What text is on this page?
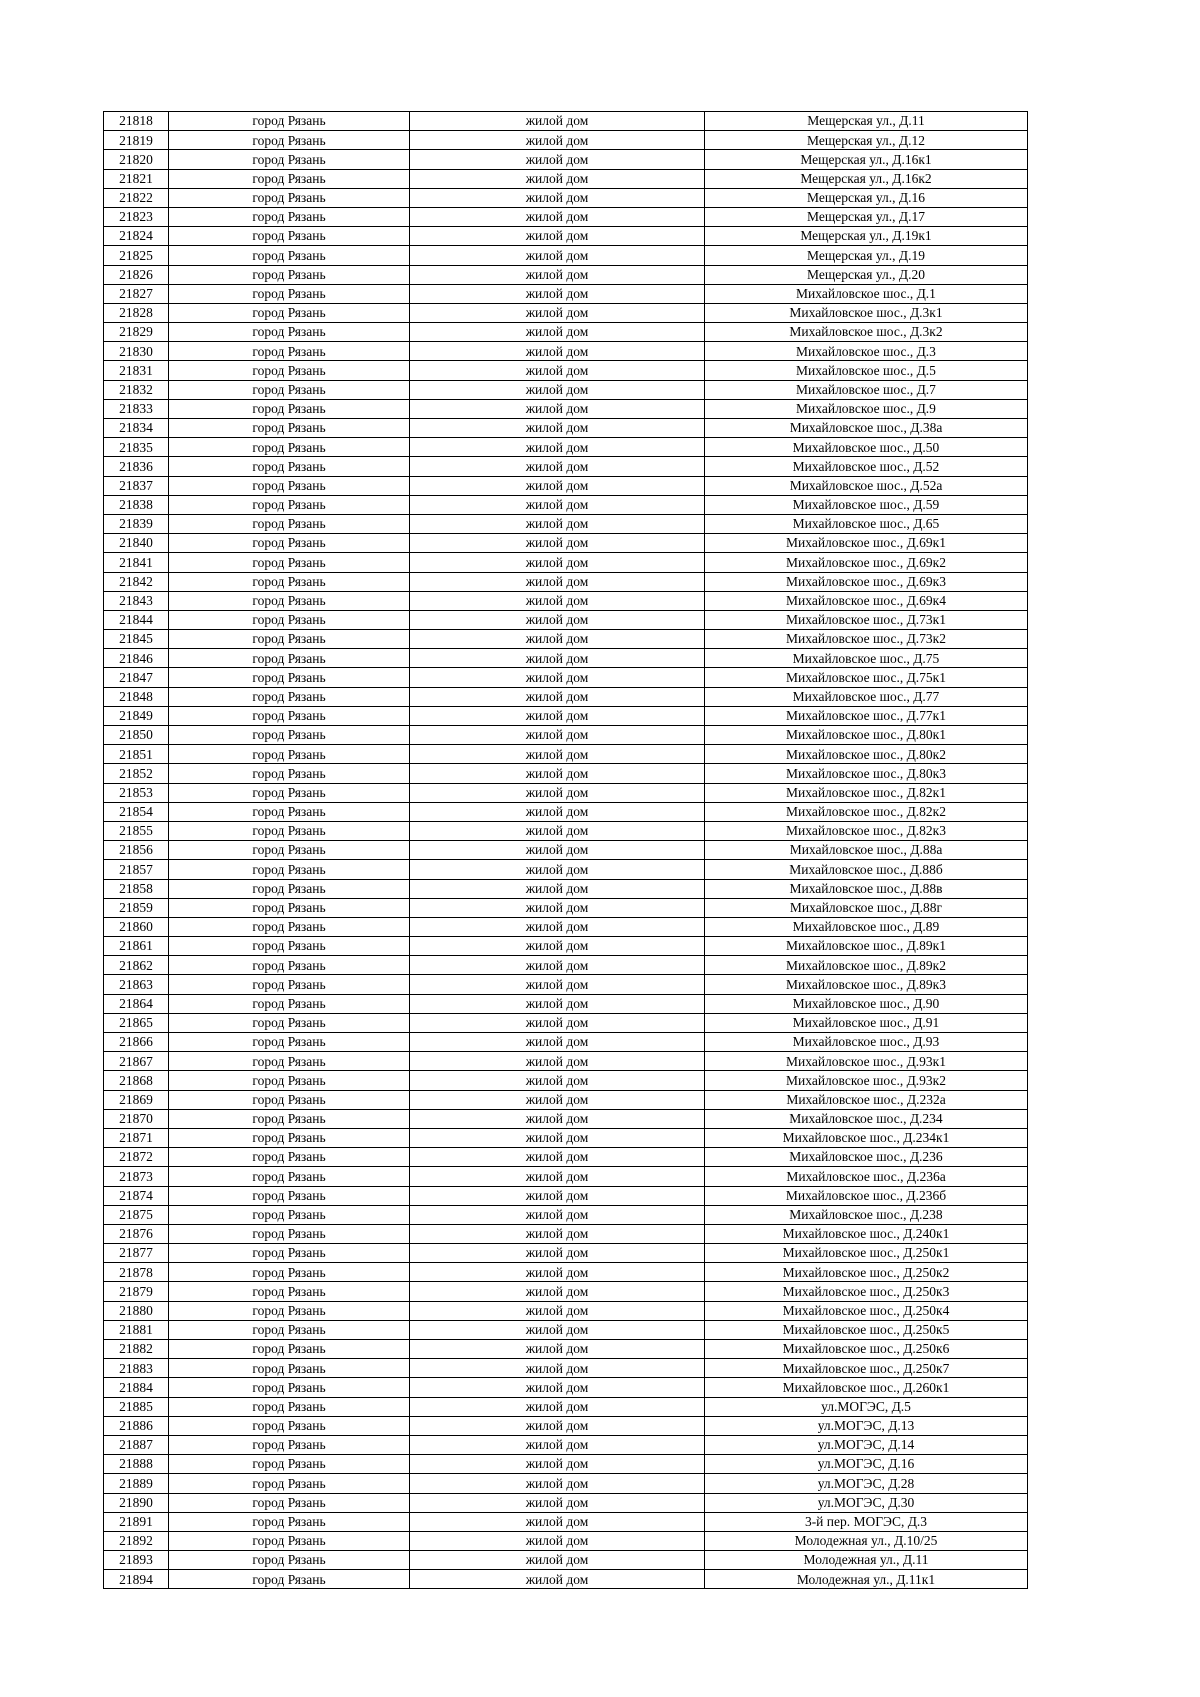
21818	город Рязань	жилой дом	Мещерская ул., Д.11
21819	город Рязань	жилой дом	Мещерская ул., Д.12
21820	город Рязань	жилой дом	Мещерская ул., Д.16к1
21821	город Рязань	жилой дом	Мещерская ул., Д.16к2
21822	город Рязань	жилой дом	Мещерская ул., Д.16
21823	город Рязань	жилой дом	Мещерская ул., Д.17
21824	город Рязань	жилой дом	Мещерская ул., Д.19к1
21825	город Рязань	жилой дом	Мещерская ул., Д.19
21826	город Рязань	жилой дом	Мещерская ул., Д.20
21827	город Рязань	жилой дом	Михайловское шос., Д.1
21828	город Рязань	жилой дом	Михайловское шос., Д.3к1
21829	город Рязань	жилой дом	Михайловское шос., Д.3к2
21830	город Рязань	жилой дом	Михайловское шос., Д.3
21831	город Рязань	жилой дом	Михайловское шос., Д.5
21832	город Рязань	жилой дом	Михайловское шос., Д.7
21833	город Рязань	жилой дом	Михайловское шос., Д.9
21834	город Рязань	жилой дом	Михайловское шос., Д.38а
21835	город Рязань	жилой дом	Михайловское шос., Д.50
21836	город Рязань	жилой дом	Михайловское шос., Д.52
21837	город Рязань	жилой дом	Михайловское шос., Д.52а
21838	город Рязань	жилой дом	Михайловское шос., Д.59
21839	город Рязань	жилой дом	Михайловское шос., Д.65
21840	город Рязань	жилой дом	Михайловское шос., Д.69к1
21841	город Рязань	жилой дом	Михайловское шос., Д.69к2
21842	город Рязань	жилой дом	Михайловское шос., Д.69к3
21843	город Рязань	жилой дом	Михайловское шос., Д.69к4
21844	город Рязань	жилой дом	Михайловское шос., Д.73к1
21845	город Рязань	жилой дом	Михайловское шос., Д.73к2
21846	город Рязань	жилой дом	Михайловское шос., Д.75
21847	город Рязань	жилой дом	Михайловское шос., Д.75к1
21848	город Рязань	жилой дом	Михайловское шос., Д.77
21849	город Рязань	жилой дом	Михайловское шос., Д.77к1
21850	город Рязань	жилой дом	Михайловское шос., Д.80к1
21851	город Рязань	жилой дом	Михайловское шос., Д.80к2
21852	город Рязань	жилой дом	Михайловское шос., Д.80к3
21853	город Рязань	жилой дом	Михайловское шос., Д.82к1
21854	город Рязань	жилой дом	Михайловское шос., Д.82к2
21855	город Рязань	жилой дом	Михайловское шос., Д.82к3
21856	город Рязань	жилой дом	Михайловское шос., Д.88а
21857	город Рязань	жилой дом	Михайловское шос., Д.88б
21858	город Рязань	жилой дом	Михайловское шос., Д.88в
21859	город Рязань	жилой дом	Михайловское шос., Д.88г
21860	город Рязань	жилой дом	Михайловское шос., Д.89
21861	город Рязань	жилой дом	Михайловское шос., Д.89к1
21862	город Рязань	жилой дом	Михайловское шос., Д.89к2
21863	город Рязань	жилой дом	Михайловское шос., Д.89к3
21864	город Рязань	жилой дом	Михайловское шос., Д.90
21865	город Рязань	жилой дом	Михайловское шос., Д.91
21866	город Рязань	жилой дом	Михайловское шос., Д.93
21867	город Рязань	жилой дом	Михайловское шос., Д.93к1
21868	город Рязань	жилой дом	Михайловское шос., Д.93к2
21869	город Рязань	жилой дом	Михайловское шос., Д.232а
21870	город Рязань	жилой дом	Михайловское шос., Д.234
21871	город Рязань	жилой дом	Михайловское шос., Д.234к1
21872	город Рязань	жилой дом	Михайловское шос., Д.236
21873	город Рязань	жилой дом	Михайловское шос., Д.236а
21874	город Рязань	жилой дом	Михайловское шос., Д.236б
21875	город Рязань	жилой дом	Михайловское шос., Д.238
21876	город Рязань	жилой дом	Михайловское шос., Д.240к1
21877	город Рязань	жилой дом	Михайловское шос., Д.250к1
21878	город Рязань	жилой дом	Михайловское шос., Д.250к2
21879	город Рязань	жилой дом	Михайловское шос., Д.250к3
21880	город Рязань	жилой дом	Михайловское шос., Д.250к4
21881	город Рязань	жилой дом	Михайловское шос., Д.250к5
21882	город Рязань	жилой дом	Михайловское шос., Д.250к6
21883	город Рязань	жилой дом	Михайловское шос., Д.250к7
21884	город Рязань	жилой дом	Михайловское шос., Д.260к1
21885	город Рязань	жилой дом	ул.МОГЭС, Д.5
21886	город Рязань	жилой дом	ул.МОГЭС, Д.13
21887	город Рязань	жилой дом	ул.МОГЭС, Д.14
21888	город Рязань	жилой дом	ул.МОГЭС, Д.16
21889	город Рязань	жилой дом	ул.МОГЭС, Д.28
21890	город Рязань	жилой дом	ул.МОГЭС, Д.30
21891	город Рязань	жилой дом	3-й пер. МОГЭС, Д.3
21892	город Рязань	жилой дом	Молодежная ул., Д.10/25
21893	город Рязань	жилой дом	Молодежная ул., Д.11
21894	город Рязань	жилой дом	Молодежная ул., Д.11к1
